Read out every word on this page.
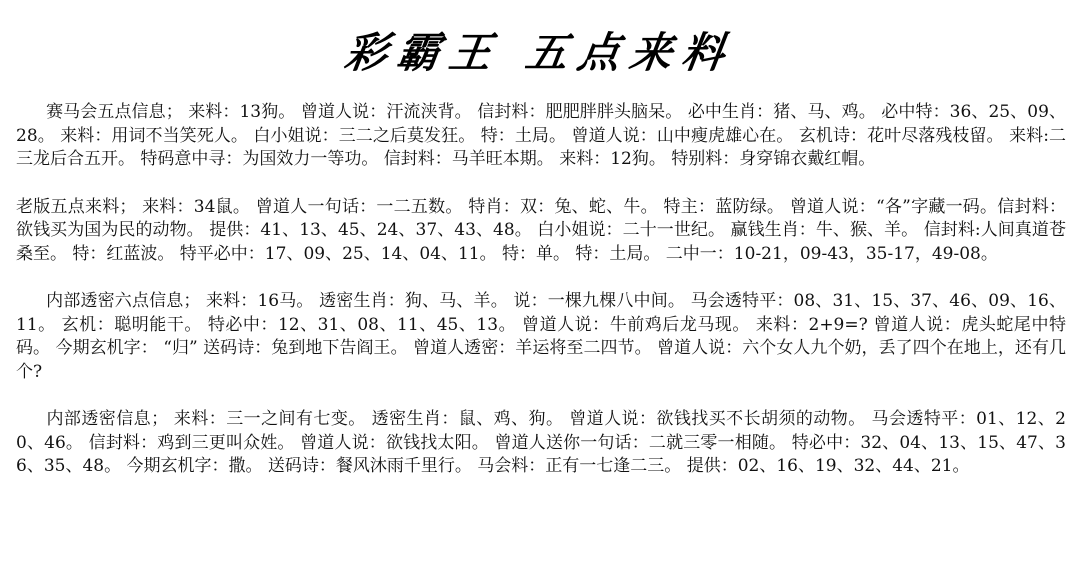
彩霸王 五点来料

赛马会五点信息； 来料：13狗。 曾道人说：汗流浃背。 信封料：肥肥胖胖头脑呆。 必中生肖：猪、马、鸡。 必中特：36、25、09、28。 来料：用词不当笑死人。 白小姐说：三二之后莫发狂。 特：土局。 曾道人说：山中瘦虎雄心在。 玄机诗：花叶尽落残枝留。 来料:二三龙后合五开。 特码意中寻：为国效力一等功。 信封料：马羊旺本期。 来料：12狗。 特别料：身穿锦衣戴红帽。

老版五点来料； 来料：34鼠。 曾道人一句话：一二五数。 特肖：双：兔、蛇、牛。 特主：蓝防绿。 曾道人说：“各”字藏一码。信封料：欲钱买为国为民的动物。 提供：41、13、45、24、37、43、48。 白小姐说：二十一世纪。 赢钱生肖：牛、猴、羊。 信封料:人间真道苍桑至。 特：红蓝波。 特平必中：17、09、25、14、04、11。 特：单。 特：土局。 二中一：10-21，09-43，35-17，49-08。

内部透密六点信息； 来料：16马。 透密生肖：狗、马、羊。 说：一棵九棵八中间。 马会透特平：08、31、15、37、46、09、16、11。 玄机：聪明能干。 特必中：12、31、08、11、45、13。 曾道人说：牛前鸡后龙马现。 来料：2+9=? 曾道人说：虎头蛇尾中特码。 今期玄机字： “归” 送码诗：兔到地下告阎王。 曾道人透密：羊运将至二四节。 曾道人说：六个女人九个奶，丢了四个在地上，还有几个?

内部透密信息； 来料：三一之间有七变。 透密生肖：鼠、鸡、狗。 曾道人说：欲钱找买不长胡须的动物。 马会透特平：01、12、20、46。 信封料：鸡到三更叫众姓。 曾道人说：欲钱找太阳。 曾道人送你一句话：二就三零一相随。 特必中：32、04、13、15、47、36、35、48。 今期玄机字：撒。 送码诗：餐风沐雨千里行。 马会料：正有一七逢二三。 提供：02、16、19、32、44、21。
